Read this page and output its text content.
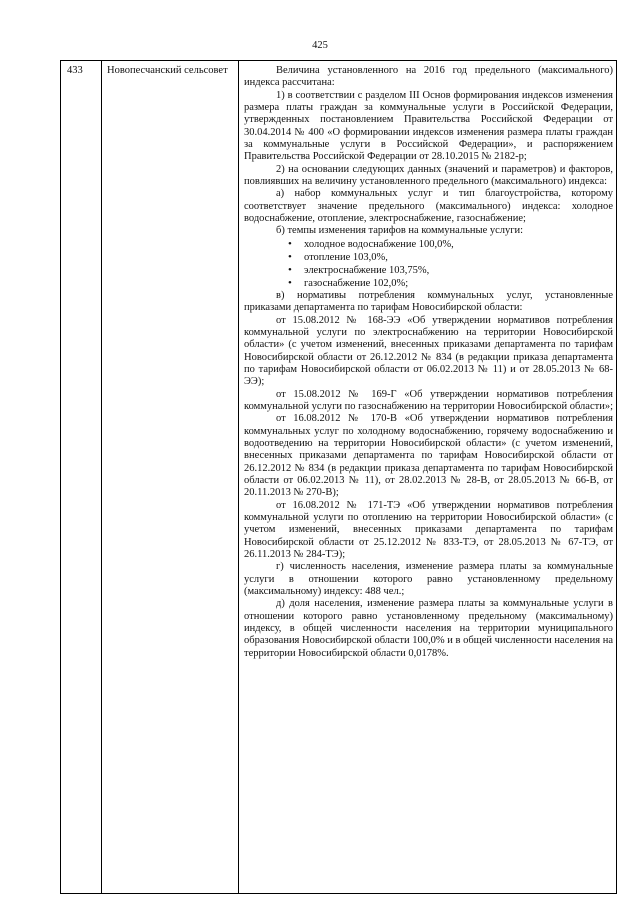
425
433 Новопесчанский сельсовет	Величина установленного на 2016 год предельного (максимального) индекса рассчитана:

1) в соответствии с разделом III Основ формирования индексов изменения размера платы граждан за коммунальные услуги в Российской Федерации, утвержденных постановлением Правительства Российской Федерации от 30.04.2014 № 400 «О формировании индексов изменения размера платы граждан за коммунальные услуги в Российской Федерации», и распоряжением Правительства Российской Федерации от 28.10.2015 № 2182-р;

2) на основании следующих данных (значений и параметров) и факторов, повлиявших на величину установленного предельного (максимального) индекса:

а) набор коммунальных услуг и тип благоустройства, которому соответствует значение предельного (максимального) индекса: холодное водоснабжение, отопление, электроснабжение, газоснабжение;

б) темпы изменения тарифов на коммунальные услуги:

• холодное водоснабжение 100,0%,
• отопление 103,0%,
• электроснабжение 103,75%,
• газоснабжение 102,0%;

в) нормативы потребления коммунальных услуг, установленные приказами департамента по тарифам Новосибирской области:

от 15.08.2012 № 168-ЭЭ «Об утверждении нормативов потребления коммунальной услуги по электроснабжению на территории Новосибирской области» (с учетом изменений, внесенных приказами департамента по тарифам Новосибирской области от 26.12.2012 № 834 (в редакции приказа департамента по тарифам Новосибирской области от 06.02.2013 № 11) и от 28.05.2013 № 68-ЭЭ);

от 15.08.2012 № 169-Г «Об утверждении нормативов потребления коммунальной услуги по газоснабжению на территории Новосибирской области»;

от 16.08.2012 № 170-В «Об утверждении нормативов потребления коммунальных услуг по холодному водоснабжению, горячему водоснабжению и водоотведению на территории Новосибирской области» (с учетом изменений, внесенных приказами департамента по тарифам Новосибирской области от 26.12.2012 № 834 (в редакции приказа департамента по тарифам Новосибирской области от 06.02.2013 № 11), от 28.02.2013 № 28-В, от 28.05.2013 № 66-В, от 20.11.2013 № 270-В);

от 16.08.2012 № 171-ТЭ «Об утверждении нормативов потребления коммунальной услуги по отоплению на территории Новосибирской области» (с учетом изменений, внесенных приказами департамента по тарифам Новосибирской области от 25.12.2012 № 833-ТЭ, от 28.05.2013 № 67-ТЭ, от 26.11.2013 № 284-ТЭ);

г) численность населения, изменение размера платы за коммунальные услуги в отношении которого равно установленному предельному (максимальному) индексу: 488 чел.;

д) доля населения, изменение размера платы за коммунальные услуги в отношении которого равно установленному предельному (максимальному) индексу, в общей численности населения на территории муниципального образования Новосибирской области 100,0% и в общей численности населения на территории Новосибирской области 0,0178%.
